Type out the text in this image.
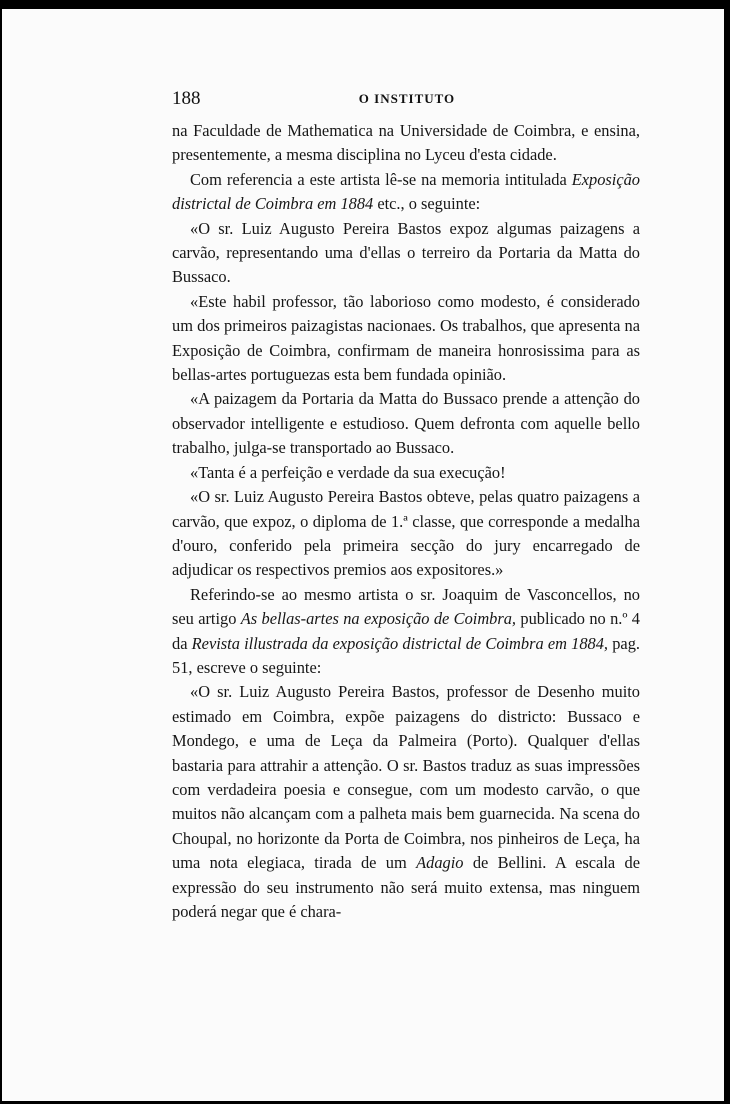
188	O INSTITUTO

na Faculdade de Mathematica na Universidade de Coimbra, e ensina, presentemente, a mesma disciplina no Lyceu d'esta cidade.

Com referencia a este artista lê-se na memoria intitulada Exposição districtal de Coimbra em 1884 etc., o seguinte:

«O sr. Luiz Augusto Pereira Bastos expoz algumas paizagens a carvão, representando uma d'ellas o terreiro da Portaria da Matta do Bussaco.

«Este habil professor, tão laborioso como modesto, é considerado um dos primeiros paizagistas nacionaes. Os trabalhos, que apresenta na Exposição de Coimbra, confirmam de maneira honrosissima para as bellas-artes portuguezas esta bem fundada opinião.

«A paizagem da Portaria da Matta do Bussaco prende a attenção do observador intelligente e estudioso. Quem defronta com aquelle bello trabalho, julga-se transportado ao Bussaco.

«Tanta é a perfeição e verdade da sua execução!

«O sr. Luiz Augusto Pereira Bastos obteve, pelas quatro paizagens a carvão, que expoz, o diploma de 1.ª classe, que corresponde a medalha d'ouro, conferido pela primeira secção do jury encarregado de adjudicar os respectivos premios aos expositores.»

Referindo-se ao mesmo artista o sr. Joaquim de Vasconcellos, no seu artigo As bellas-artes na exposição de Coimbra, publicado no n.º 4 da Revista illustrada da exposição districtal de Coimbra em 1884, pag. 51, escreve o seguinte:

«O sr. Luiz Augusto Pereira Bastos, professor de Desenho muito estimado em Coimbra, expõe paizagens do districto: Bussaco e Mondego, e uma de Leça da Palmeira (Porto). Qualquer d'ellas bastaria para attrahir a attenção. O sr. Bastos traduz as suas impressões com verdadeira poesia e consegue, com um modesto carvão, o que muitos não alcançam com a palheta mais bem guarnecida. Na scena do Choupal, no horizonte da Porta de Coimbra, nos pinheiros de Leça, ha uma nota elegiaca, tirada de um Adagio de Bellini. A escala de expressão do seu instrumento não será muito extensa, mas ninguem poderá negar que é chara-
